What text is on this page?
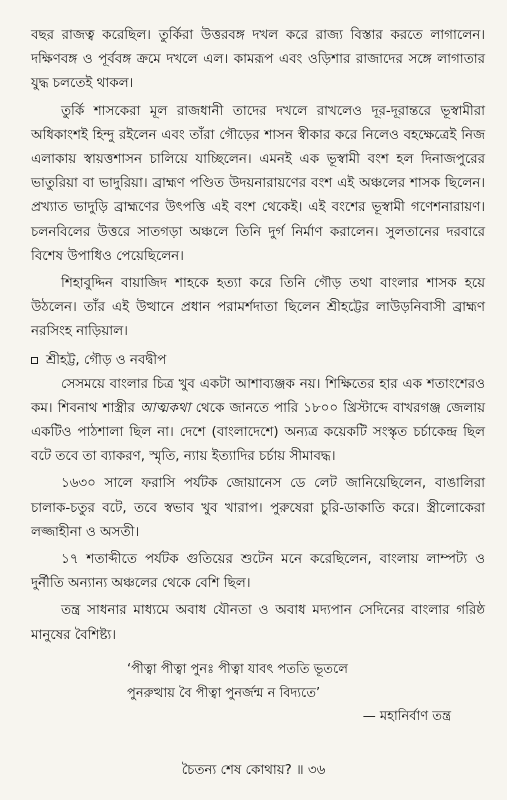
বছর রাজত্ব করেছিল। তুর্কিরা উত্তরবঙ্গ দখল করে রাজ্য বিস্তার করতে লাগালেন। দক্ষিণবঙ্গ ও পূর্ববঙ্গ ক্রমে দখলে এল। কামরূপ এবং ওড়িশার রাজাদের সঙ্গে লাগাতার যুদ্ধ চলতেই থাকল।

তুর্কি শাসকেরা মূল রাজধানী তাদের দখলে রাখলেও দূর-দূরান্তরে ভূস্বামীরা অধিকাংশই হিন্দু রইলেন এবং তাঁরা গৌড়ের শাসন স্বীকার করে নিলেও বহক্ষেত্রেই নিজ এলাকায় স্বায়ত্তশাসন চালিয়ে যাচ্ছিলেন। এমনই এক ভূস্বামী বংশ হল দিনাজপুরের ভাতুরিয়া বা ভাদুরিয়া। ব্রাহ্মণ পণ্ডিত উদয়নারায়ণের বংশ এই অঞ্চলের শাসক ছিলেন। প্রখ্যাত ভাদুড়ি ব্রাহ্মণের উৎপত্তি এই বংশ থেকেই। এই বংশের ভূস্বামী গণেশনারায়ণ। চলনবিলের উত্তরে সাতগড়া অঞ্চলে তিনি দুর্গ নির্মাণ করালেন। সুলতানের দরবারে বিশেষ উপাধিও পেয়েছিলেন।

শিহাবুদ্দিন বায়াজিদ শাহকে হত্যা করে তিনি গৌড় তথা বাংলার শাসক হয়ে উঠলেন। তাঁর এই উত্থানে প্রধান পরামর্শদাতা ছিলেন শ্রীহট্টের লাউড়নিবাসী ব্রাহ্মণ নরসিংহ নাড়িয়াল।

শ্রীহট্ট, গৌড় ও নবদ্বীপ

সেসময়ে বাংলার চিত্র খুব একটা আশাব্যঞ্জক নয়। শিক্ষিতের হার এক শতাংশেরও কম। শিবনাথ শাস্ত্রীর আত্মকথা থেকে জানতে পারি ১৮০০ খ্রিস্টাব্দে বাখরগঞ্জ জেলায় একটিও পাঠশালা ছিল না। দেশে (বাংলাদেশে) অন্যত্র কয়েকটি সংস্কৃত চর্চাকেন্দ্র ছিল বটে তবে তা ব্যাকরণ, স্মৃতি, ন্যায় ইত্যাদির চর্চায় সীমাবদ্ধ।

১৬৩০ সালে ফরাসি পর্যটক জোয়ানেস ডে লেট জানিয়েছিলেন, বাঙালিরা চালাক-চতুর বটে, তবে স্বভাব খুব খারাপ। পুরুষেরা চুরি-ডাকাতি করে। স্ত্রীলোকেরা লজ্জাহীনা ও অসতী।

১৭ শতাব্দীতে পর্যটক গুতিয়ের শুটেন মনে করেছিলেন, বাংলায় লাম্পট্য ও দুর্নীতি অন্যান্য অঞ্চলের থেকে বেশি ছিল।

তন্ত্র সাধনার মাধ্যমে অবাধ যৌনতা ও অবাধ মদ্যপান সেদিনের বাংলার গরিষ্ঠ মানুষের বৈশিষ্ট্য।

‘পীত্বা পীত্বা পুনঃ পীত্বা যাবৎ পততি ভূতলে
পুনরুত্থায় বৈ পীত্বা পুনর্জন্ম ন বিদ্যতে’
— মহানির্বাণ তন্ত্র
চৈতন্য শেষ কোথায়? ॥ ৩৬
